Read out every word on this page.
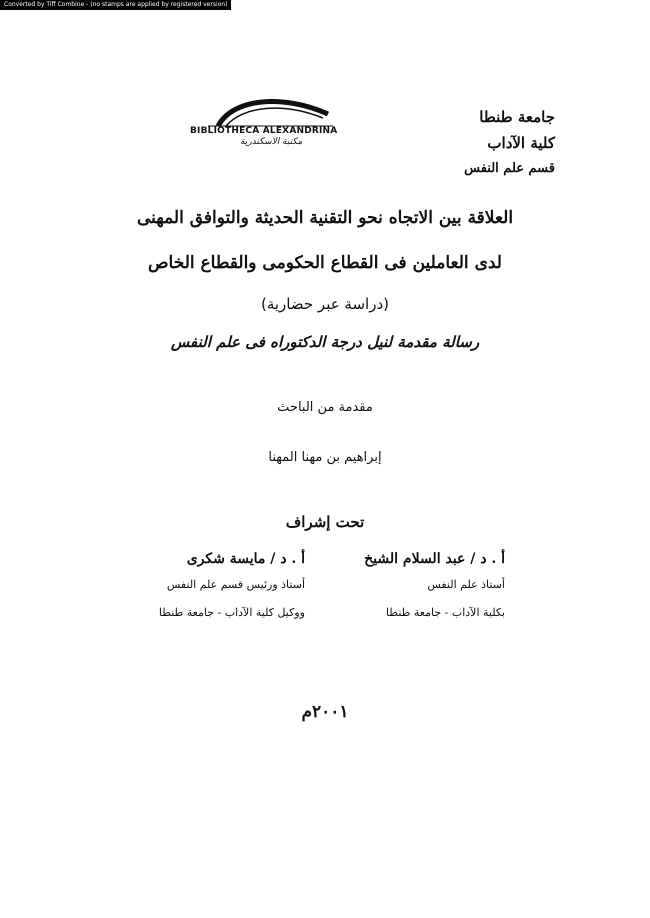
Converted by Tiff Combine - (no stamps are applied by registered version)
جامعة طنطا
كلية الآداب
قسم علم النفس
BIBLIOTHECA ALEXANDRINA
مكتبة الاسكندرية
العلاقة بين الاتجاه نحو التقنية الحديثة والتوافق المهنى
لدى العاملين فى القطاع الحكومى والقطاع الخاص
(دراسة عبر حضارية)
رسالة مقدمة لنيل درجة الدكتوراه فى علم النفس
مقدمة من الباحث
إبراهيم بن مهنا المهنا
تحت إشراف
أ . د / عبد السلام الشيخ
أستاذ علم النفس
بكلية الآداب - جامعة طنطا
أ . د / مايسة شكرى
أستاذ ورئيس قسم علم النفس
ووكيل كلية الآداب - جامعة طنطا
٢٠٠١م
